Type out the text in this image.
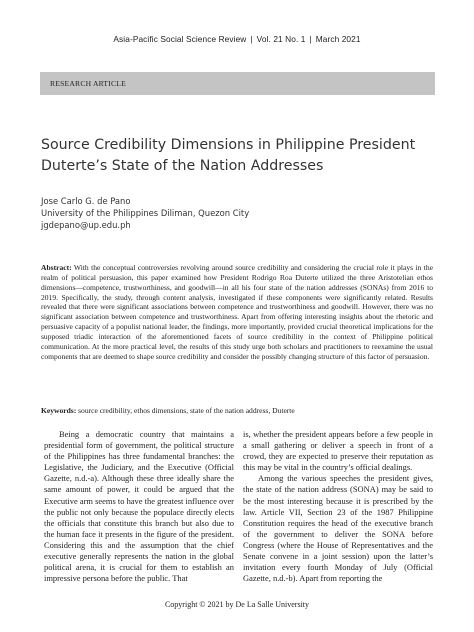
Asia-Pacific Social Science Review | Vol. 21 No. 1 | March 2021
RESEARCH ARTICLE
Source Credibility Dimensions in Philippine President Duterte’s State of the Nation Addresses
Jose Carlo G. de Pano
University of the Philippines Diliman, Quezon City
jgdepano@up.edu.ph
Abstract: With the conceptual controversies revolving around source credibility and considering the crucial role it plays in the realm of political persuasion, this paper examined how President Rodrigo Roa Duterte utilized the three Aristotelian ethos dimensions—competence, trustworthiness, and goodwill—in all his four state of the nation addresses (SONAs) from 2016 to 2019. Specifically, the study, through content analysis, investigated if these components were significantly related. Results revealed that there were significant associations between competence and trustworthiness and goodwill. However, there was no significant association between competence and trustworthiness. Apart from offering interesting insights about the rhetoric and persuasive capacity of a populist national leader, the findings, more importantly, provided crucial theoretical implications for the supposed triadic interaction of the aforementioned facets of source credibility in the context of Philippine political communication. At the more practical level, the results of this study urge both scholars and practitioners to reexamine the usual components that are deemed to shape source credibility and consider the possibly changing structure of this factor of persuasion.
Keywords: source credibility, ethos dimensions, state of the nation address, Duterte

Being a democratic country that maintains a presidential form of government, the political structure of the Philippines has three fundamental branches: the Legislative, the Judiciary, and the Executive (Official Gazette, n.d.-a). Although these three ideally share the same amount of power, it could be argued that the Executive arm seems to have the greatest influence over the public not only because the populace directly elects the officials that constitute this branch but also due to the human face it presents in the figure of the president. Considering this and the assumption that the chief executive generally represents the nation in the global political arena, it is crucial for them to establish an impressive persona before the public. That

is, whether the president appears before a few people in a small gathering or deliver a speech in front of a crowd, they are expected to preserve their reputation as this may be vital in the country’s official dealings.

Among the various speeches the president gives, the state of the nation address (SONA) may be said to be the most interesting because it is prescribed by the law. Article VII, Section 23 of the 1987 Philippine Constitution requires the head of the executive branch of the government to deliver the SONA before Congress (where the House of Representatives and the Senate convene in a joint session) upon the latter’s invitation every fourth Monday of July (Official Gazette, n.d.-b). Apart from reporting the

Copyright © 2021 by De La Salle University
